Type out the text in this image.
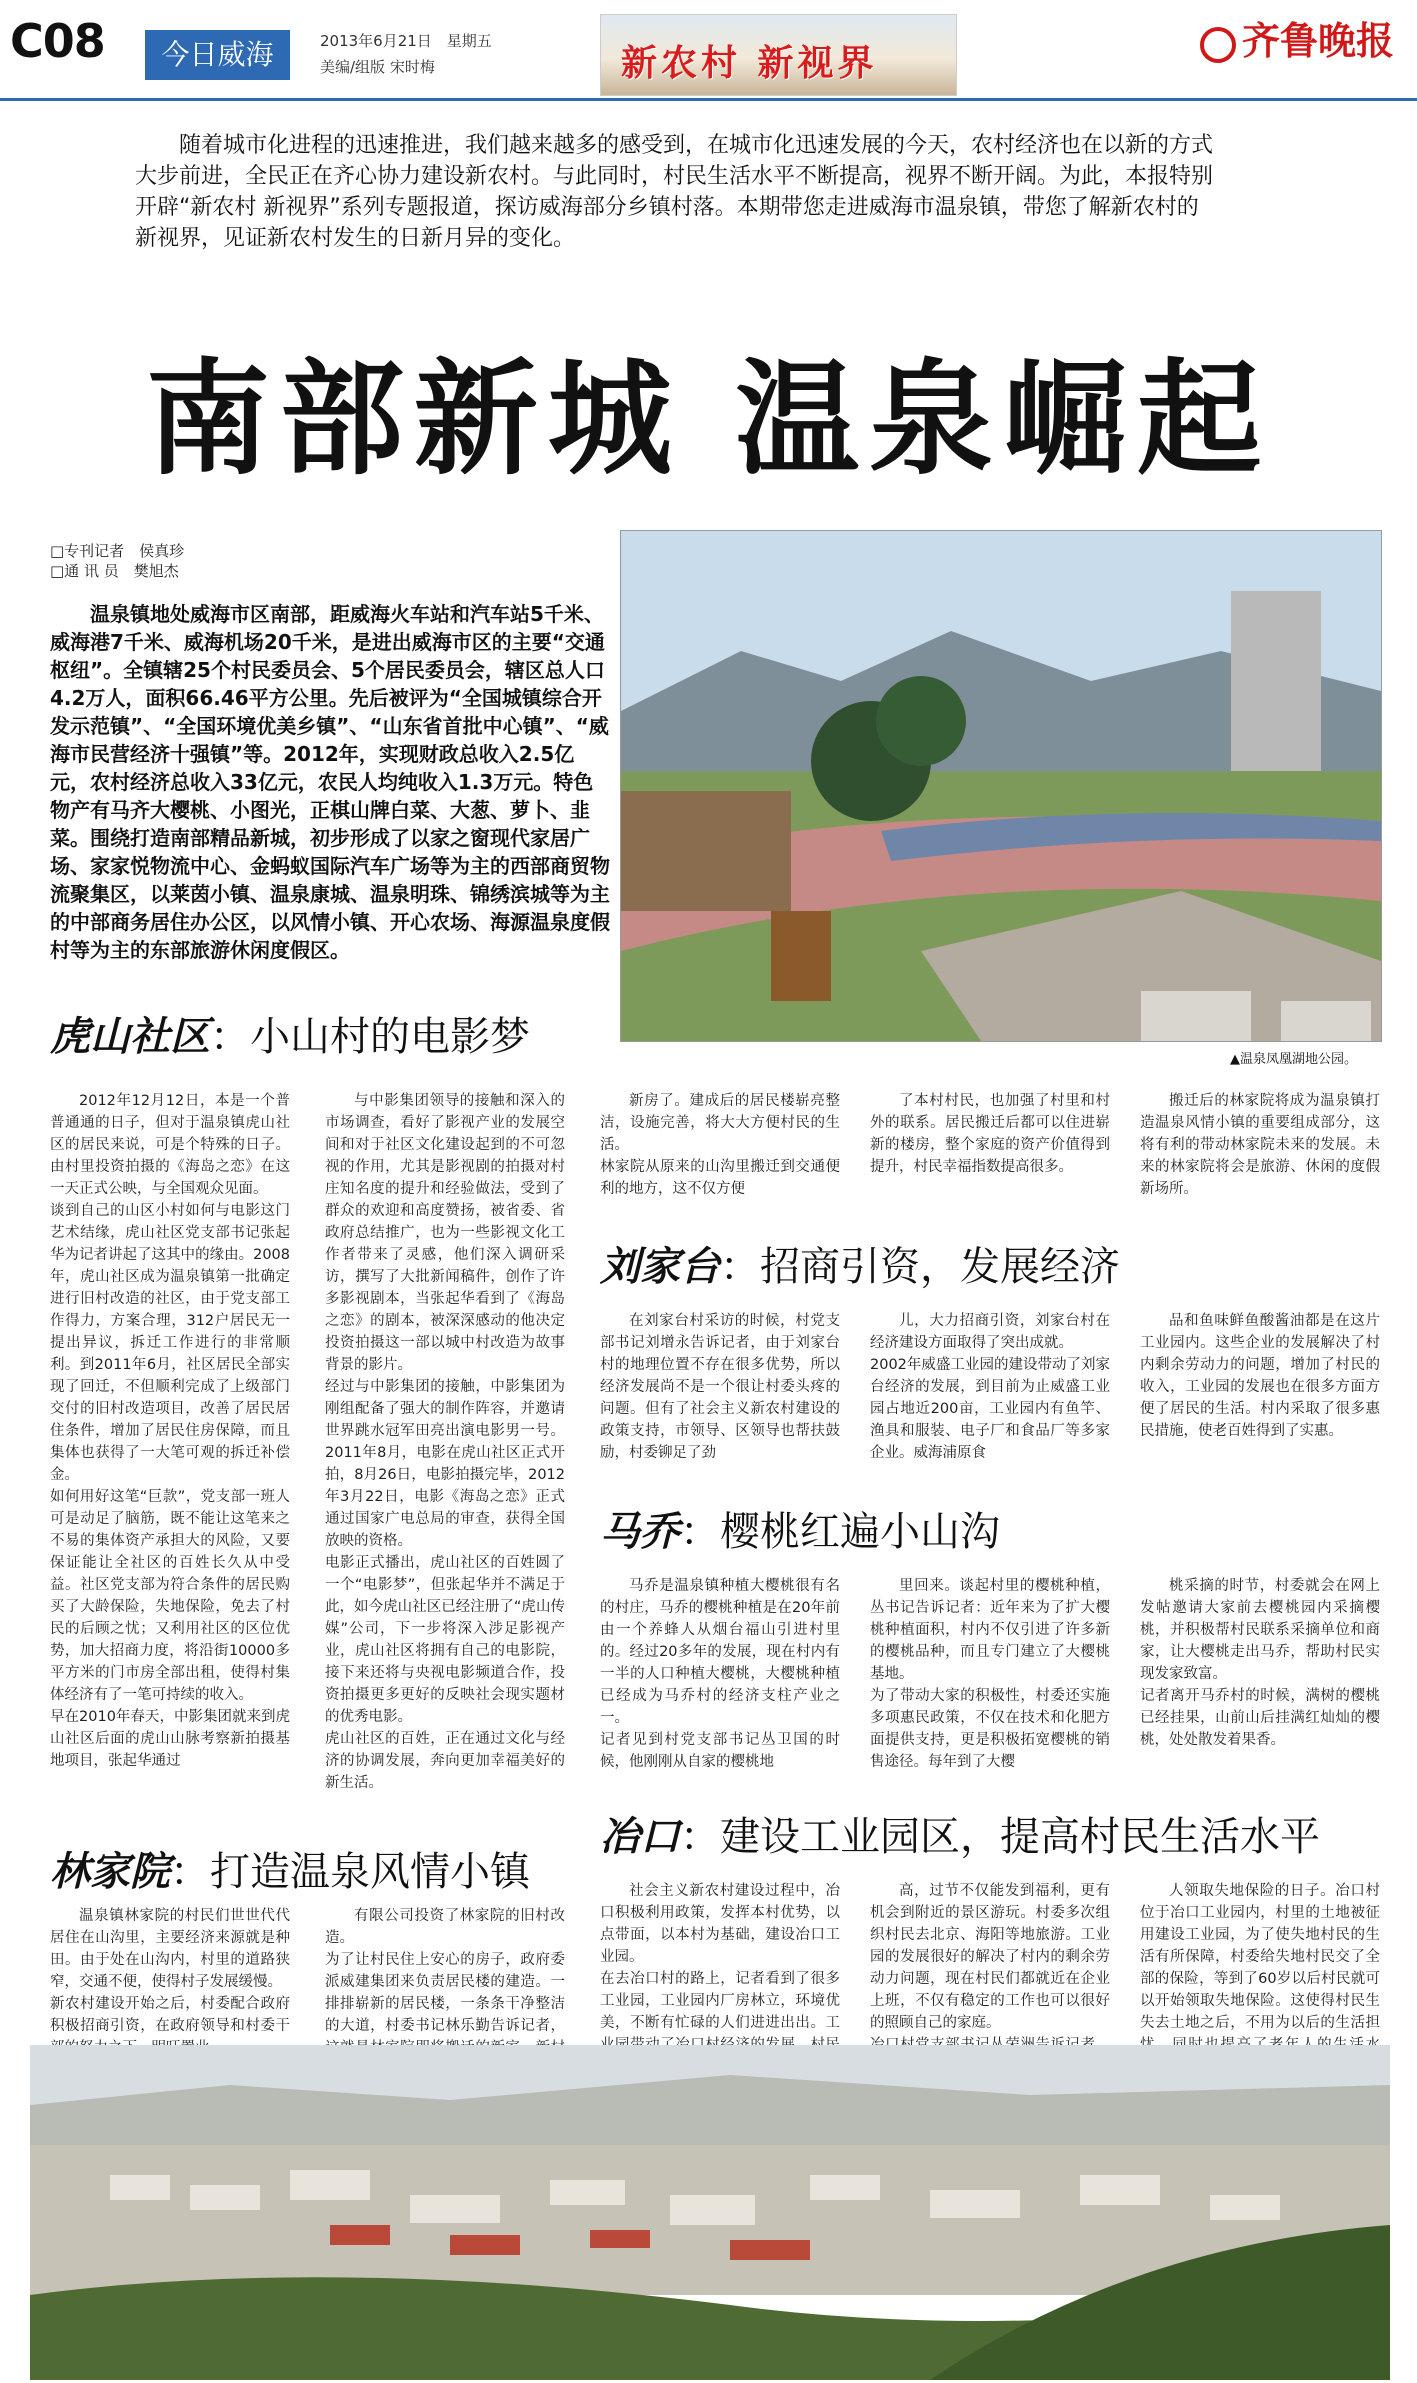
C08	今日威海	2013年6月21日　星期五
美编/组版 宋时梅	新农村 新视界
齐鲁晚报
随着城市化进程的迅速推进，我们越来越多的感受到，在城市化迅速发展的今天，农村经济也在以新的方式大步前进，全民正在齐心协力建设新农村。与此同时，村民生活水平不断提高，视界不断开阔。为此，本报特别开辟“新农村 新视界”系列专题报道，探访威海部分乡镇村落。本期带您走进威海市温泉镇，带您了解新农村的新视界，见证新农村发生的日新月异的变化。
南部新城 温泉崛起
□专刊记者　侯真珍
□通 讯 员　樊旭杰
温泉镇地处威海市区南部，距威海火车站和汽车站5千米、威海港7千米、威海机场20千米，是进出威海市区的主要“交通枢纽”。全镇辖25个村民委员会、5个居民委员会，辖区总人口4.2万人，面积66.46平方公里。先后被评为“全国城镇综合开发示范镇”、“全国环境优美乡镇”、“山东省首批中心镇”、“威海市民营经济十强镇”等。2012年，实现财政总收入2.5亿元，农村经济总收入33亿元，农民人均纯收入1.3万元。特色物产有马齐大樱桃、小图光，正棋山牌白菜、大葱、萝卜、韭菜。围绕打造南部精品新城，初步形成了以家之窗现代家居广场、家家悦物流中心、金蚂蚁国际汽车广场等为主的西部商贸物流聚集区，以莱茵小镇、温泉康城、温泉明珠、锦绣滨城等为主的中部商务居住办公区，以风情小镇、开心农场、海源温泉度假村等为主的东部旅游休闲度假区。
▲温泉凤凰湖地公园。
虎山社区：小山村的电影梦
2012年12月12日，本是一个普普通通的日子，但对于温泉镇虎山社区的居民来说，可是个特殊的日子。由村里投资拍摄的《海岛之恋》在这一天正式公映，与全国观众见面。
谈到自己的山区小村如何与电影这门艺术结缘，虎山社区党支部书记张起华为记者讲起了这其中的缘由。2008年，虎山社区成为温泉镇第一批确定进行旧村改造的社区，由于党支部工作得力，方案合理，312户居民无一提出异议，拆迁工作进行的非常顺利。到2011年6月，社区居民全部实现了回迁，不但顺利完成了上级部门交付的旧村改造项目，改善了居民居住条件，增加了居民住房保障，而且集体也获得了一大笔可观的拆迁补偿金。
如何用好这笔“巨款”，党支部一班人可是动足了脑筋，既不能让这笔来之不易的集体资产承担大的风险，又要保证能让全社区的百姓长久从中受益。社区党支部为符合条件的居民购买了大龄保险，失地保险，免去了村民的后顾之忧；又利用社区的区位优势，加大招商力度，将沿街10000多平方米的门市房全部出租，使得村集体经济有了一笔可持续的收入。
早在2010年春天，中影集团就来到虎山社区后面的虎山山脉考察新拍摄基地项目，张起华通过
与中影集团领导的接触和深入的市场调查，看好了影视产业的发展空间和对于社区文化建设起到的不可忽视的作用，尤其是影视剧的拍摄对村庄知名度的提升和经验做法，受到了群众的欢迎和高度赞扬，被省委、省政府总结推广，也为一些影视文化工作者带来了灵感，他们深入调研采访，撰写了大批新闻稿件，创作了许多影视剧本，当张起华看到了《海岛之恋》的剧本，被深深感动的他决定投资拍摄这一部以城中村改造为故事背景的影片。
经过与中影集团的接触，中影集团为刚组配备了强大的制作阵容，并邀请世界跳水冠军田亮出演电影男一号。2011年8月，电影在虎山社区正式开拍，8月26日，电影拍摄完毕，2012年3月22日，电影《海岛之恋》正式通过国家广电总局的审查，获得全国放映的资格。
电影正式播出，虎山社区的百姓圆了一个“电影梦”，但张起华并不满足于此，如今虎山社区已经注册了“虎山传媒”公司，下一步将深入涉足影视产业，虎山社区将拥有自己的电影院，接下来还将与央视电影频道合作，投资拍摄更多更好的反映社会现实题材的优秀电影。
虎山社区的百姓，正在通过文化与经济的协调发展，奔向更加幸福美好的新生活。
新房了。建成后的居民楼崭亮整洁，设施完善，将大大方便村民的生活。
林家院从原来的山沟里搬迁到交通便利的地方，这不仅方便
了本村村民，也加强了村里和村外的联系。居民搬迁后都可以住进崭新的楼房，整个家庭的资产价值得到提升，村民幸福指数提高很多。
搬迁后的林家院将成为温泉镇打造温泉风情小镇的重要组成部分，这将有利的带动林家院未来的发展。未来的林家院将会是旅游、休闲的度假新场所。
刘家台：招商引资，发展经济
在刘家台村采访的时候，村党支部书记刘增永告诉记者，由于刘家台村的地理位置不存在很多优势，所以经济发展尚不是一个很让村委头疼的问题。但有了社会主义新农村建设的政策支持，市领导、区领导也帮扶鼓励，村委铆足了劲
儿，大力招商引资，刘家台村在经济建设方面取得了突出成就。
2002年威盛工业园的建设带动了刘家台经济的发展，到目前为止威盛工业园占地近200亩，工业园内有鱼竿、渔具和服装、电子厂和食品厂等多家企业。威海浦原食
品和鱼味鲜鱼酸酱油都是在这片工业园内。这些企业的发展解决了村内剩余劳动力的问题，增加了村民的收入，工业园的发展也在很多方面方便了居民的生活。村内采取了很多惠民措施，使老百姓得到了实惠。
马乔：樱桃红遍小山沟
马乔是温泉镇种植大樱桃很有名的村庄，马乔的樱桃种植是在20年前由一个养蜂人从烟台福山引进村里的。经过20多年的发展，现在村内有一半的人口种植大樱桃，大樱桃种植已经成为马乔村的经济支柱产业之一。
记者见到村党支部书记丛卫国的时候，他刚刚从自家的樱桃地
里回来。谈起村里的樱桃种植，丛书记告诉记者：近年来为了扩大樱桃种植面积，村内不仅引进了许多新的樱桃品种，而且专门建立了大樱桃基地。
为了带动大家的积极性，村委还实施多项惠民政策，不仅在技术和化肥方面提供支持，更是积极拓宽樱桃的销售途径。每年到了大樱
桃采摘的时节，村委就会在网上发帖邀请大家前去樱桃园内采摘樱桃，并积极帮村民联系采摘单位和商家，让大樱桃走出马乔，帮助村民实现发家致富。
记者离开马乔村的时候，满树的樱桃已经挂果，山前山后挂满红灿灿的樱桃，处处散发着果香。
冶口：建设工业园区，提高村民生活水平
社会主义新农村建设过程中，冶口积极利用政策，发挥本村优势，以点带面，以本村为基础，建设冶口工业园。
在去冶口村的路上，记者看到了很多工业园，工业园内厂房林立，环境优美，不断有忙碌的人们进进出出。工
高，过节不仅能发到福利，更有机会到附近的景区游玩。村委多次组织村民去北京、海阳等地旅游。工业园的发展很好的解决了村内的剩余劳动力问题，现在村民们都就近在企业上班，不仅有稳定的工作也可以很好的照顾自己的家庭。

人领取失地保险的日子。冶口村位于冶口工业园内，村里的土地被征用建设工业园，为了使失地村民的生活有所保障，村委给失地村民交了全部的保险，等到了60岁以后村民就可以开始领取失地保险。这使得村民生失去土地之后，不用为以后的生活担
林家院：打造温泉风情小镇
温泉镇林家院的村民们世世代代居住在山沟里，主要经济来源就是种田。由于处在山沟内，村里的道路狭窄，交通不便，使得村子发展缓慢。
新农村建设开始之后，村委配合政府积极招商引资，在政府领导和村委干
有限公司投资了林家院的旧村改造。
为了让村民住上安心的房子，政府委派威建集团来负责居民楼的建造。一排排崭新的居民楼，一条条干净整洁的大道，村委书记林乐勤告诉记者，
